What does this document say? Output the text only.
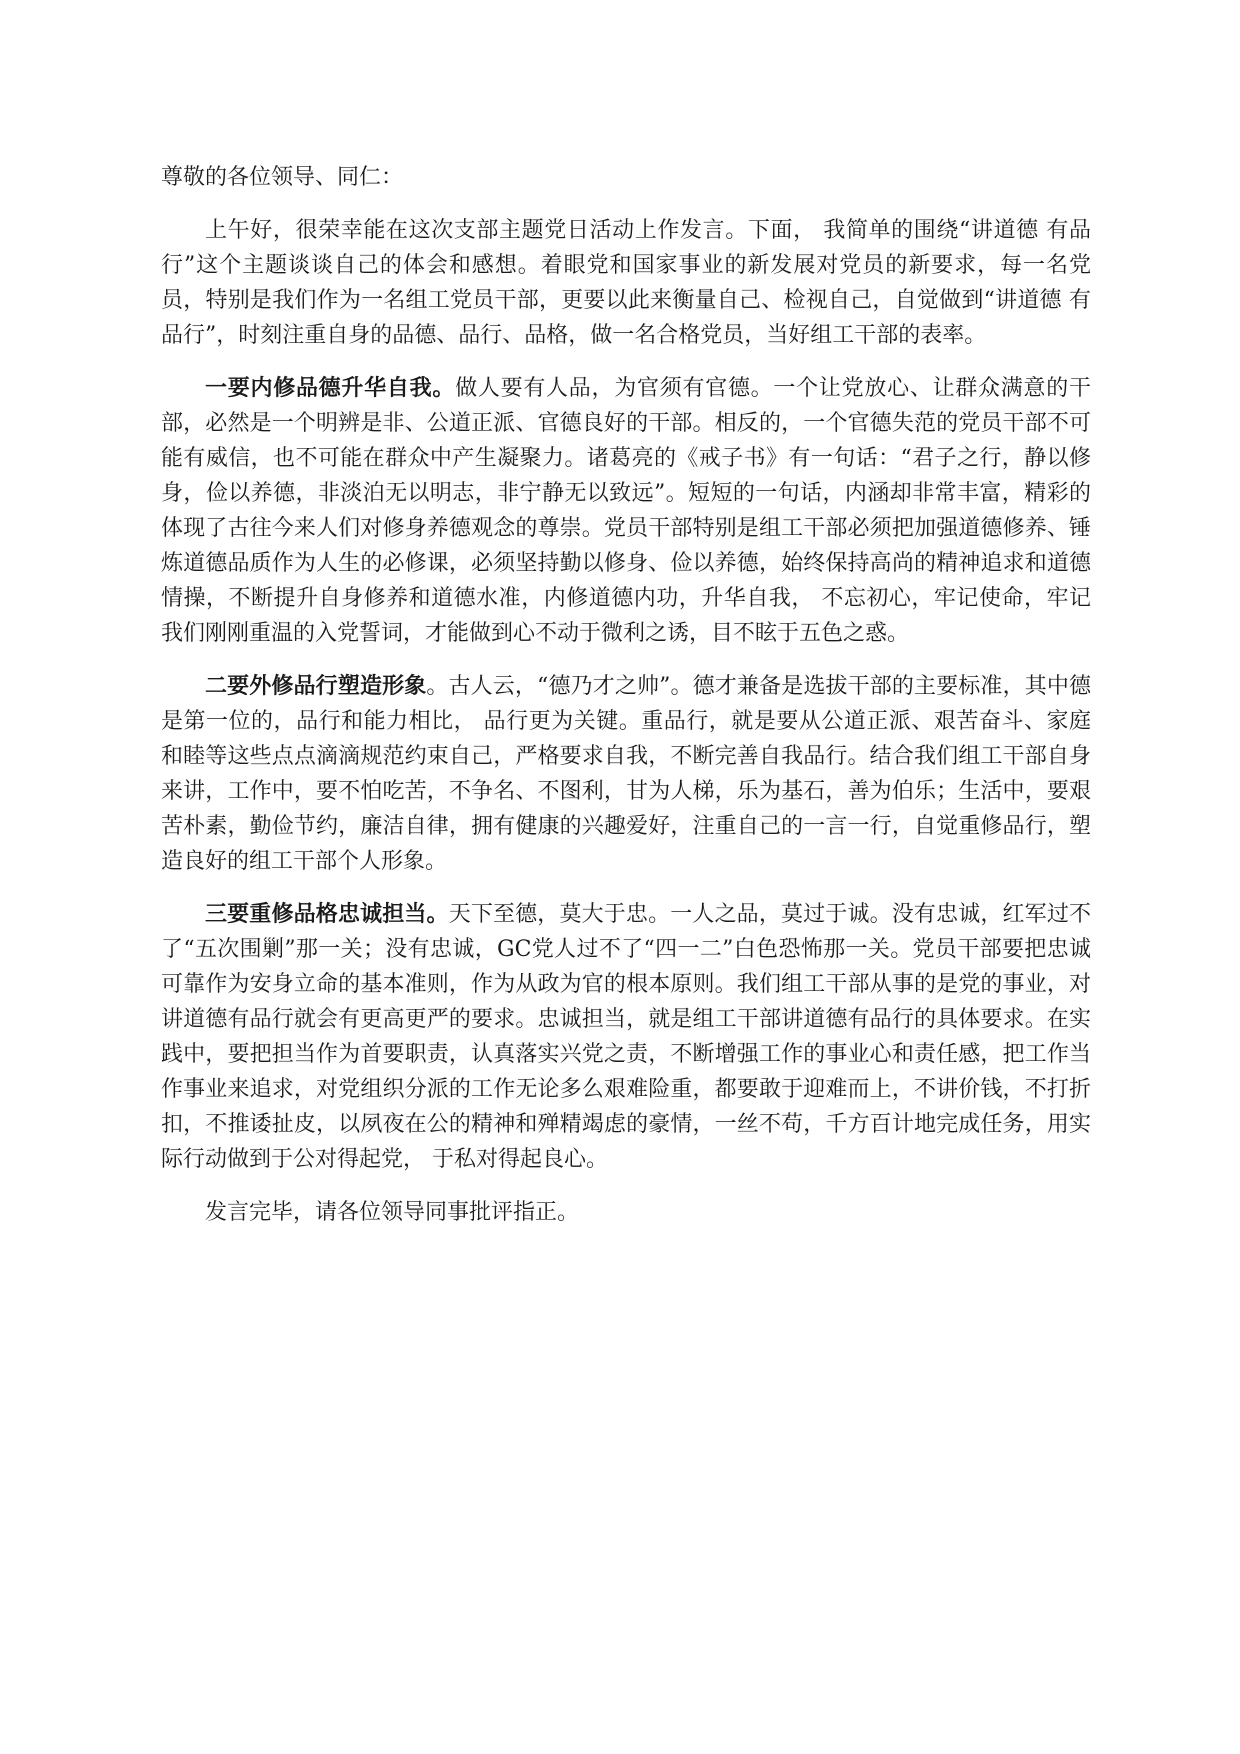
尊敬的各位领导、同仁：

上午好，很荣幸能在这次支部主题党日活动上作发言。下面， 我简单的围绕“讲道德 有品行”这个主题谈谈自己的体会和感想。着眼党和国家事业的新发展对党员的新要求，每一名党员，特别是我们作为一名组工党员干部，更要以此来衡量自己、检视自己，自觉做到“讲道德 有品行”，时刻注重自身的品德、品行、品格，做一名合格党员，当好组工干部的表率。

一要内修品德升华自我。做人要有人品，为官须有官德。一个让党放心、让群众满意的干部，必然是一个明辨是非、公道正派、官德良好的干部。相反的，一个官德失范的党员干部不可能有威信，也不可能在群众中产生凝聚力。诸葛亮的《戒子书》有一句话：“君子之行，静以修身，俭以养德，非淡泊无以明志，非宁静无以致远”。短短的一句话，内涵却非常丰富，精彩的体现了古往今来人们对修身养德观念的尊崇。党员干部特别是组工干部必须把加强道德修养、锤炼道德品质作为人生的必修课，必须坚持勤以修身、俭以养德，始终保持高尚的精神追求和道德情操，不断提升自身修养和道德水准，内修道德内功，升华自我， 不忘初心，牢记使命，牢记我们刚刚重温的入党誓词，才能做到心不动于微利之诱，目不眩于五色之惑。

二要外修品行塑造形象。古人云，“德乃才之帅”。德才兼备是选拔干部的主要标准，其中德是第一位的，品行和能力相比， 品行更为关键。重品行，就是要从公道正派、艰苦奋斗、家庭和睦等这些点点滴滴规范约束自己，严格要求自我，不断完善自我品行。结合我们组工干部自身来讲，工作中，要不怕吃苦，不争名、不图利，甘为人梯，乐为基石，善为伯乐；生活中，要艰苦朴素，勤俭节约，廉洁自律，拥有健康的兴趣爱好，注重自己的一言一行，自觉重修品行，塑造良好的组工干部个人形象。

三要重修品格忠诚担当。天下至德，莫大于忠。一人之品，莫过于诚。没有忠诚，红军过不了“五次围剿”那一关；没有忠诚，GC党人过不了“四一二”白色恐怖那一关。党员干部要把忠诚可靠作为安身立命的基本准则，作为从政为官的根本原则。我们组工干部从事的是党的事业，对讲道德有品行就会有更高更严的要求。忠诚担当，就是组工干部讲道德有品行的具体要求。在实践中，要把担当作为首要职责，认真落实兴党之责，不断增强工作的事业心和责任感，把工作当作事业来追求，对党组织分派的工作无论多么艰难险重，都要敢于迎难而上，不讲价钱，不打折扣，不推诿扯皮，以夙夜在公的精神和殚精竭虑的豪情，一丝不苟，千方百计地完成任务，用实际行动做到于公对得起党， 于私对得起良心。

发言完毕，请各位领导同事批评指正。
